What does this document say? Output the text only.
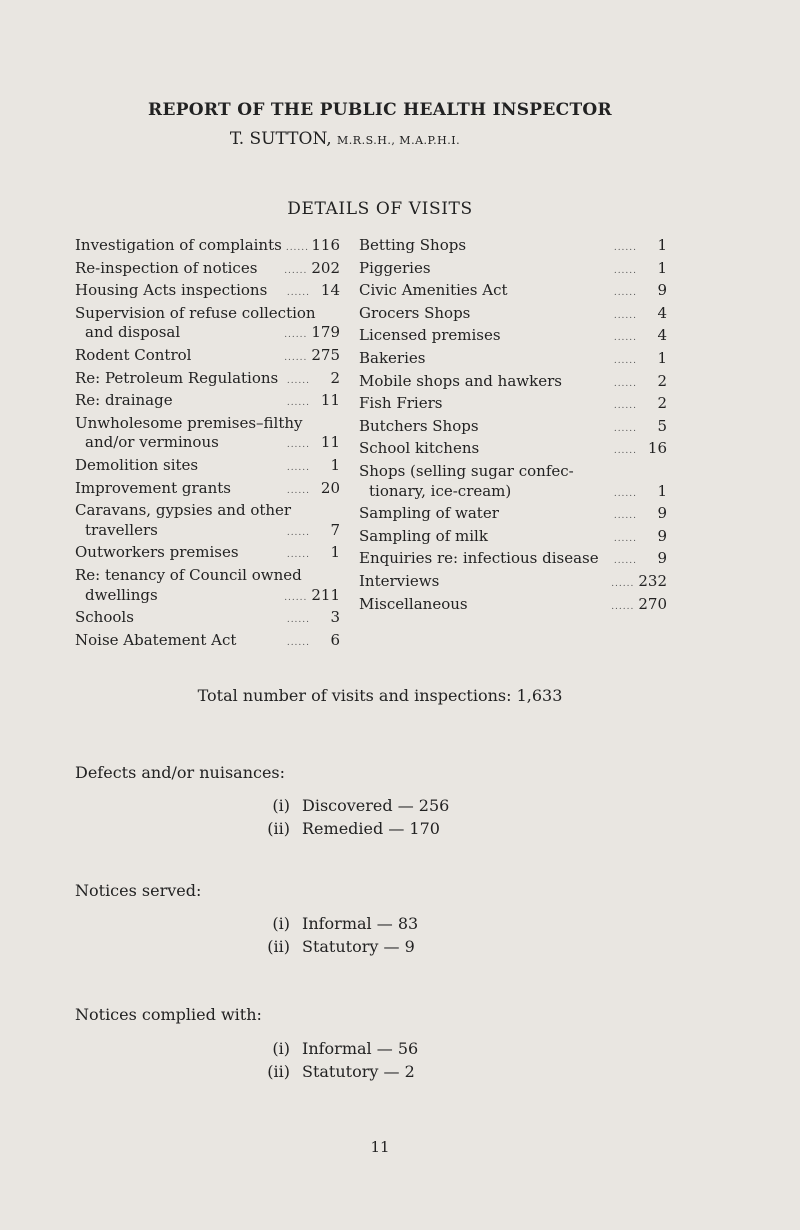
REPORT OF THE PUBLIC HEALTH INSPECTOR
T. SUTTON, M.R.S.H., M.A.P.H.I.
DETAILS OF VISITS
Investigation of complaints ...... 116
Re-inspection of notices	...... 202
Housing Acts inspections	...... 14
Supervision of refuse collection
and disposal	...... 179
Rodent Control	...... 275
Re: Petroleum Regulations ......	2
Re: drainage	...... 11
Unwholesome premises–filthy
and/or verminous	...... 11
Demolition sites	......	1
Improvement grants	...... 20
Caravans, gypsies and other
travellers	......	7
Outworkers premises	......	1
Re: tenancy of Council owned
dwellings	...... 211
Schools	......	3
Noise Abatement Act	......	6
Betting Shops	......	1
Piggeries	......	1
Civic Amenities Act	......	9
Grocers Shops	......	4
Licensed premises	......	4
Bakeries	......	1
Mobile shops and hawkers	......	2
Fish Friers	......	2
Butchers Shops	......	5
School kitchens	...... 16
Shops (selling sugar confec-
tionary, ice-cream)	......	1
Sampling of water	......	9
Sampling of milk	......	9
Enquiries re: infectious disease	......	9
Interviews	...... 232
Miscellaneous	...... 270
Total number of visits and inspections: 1,633
Defects and/or nuisances:
(i) Discovered — 256
(ii) Remedied — 170
Notices served:
(i) Informal — 83
(ii) Statutory — 9
Notices complied with:
(i) Informal — 56
(ii) Statutory — 2
11
